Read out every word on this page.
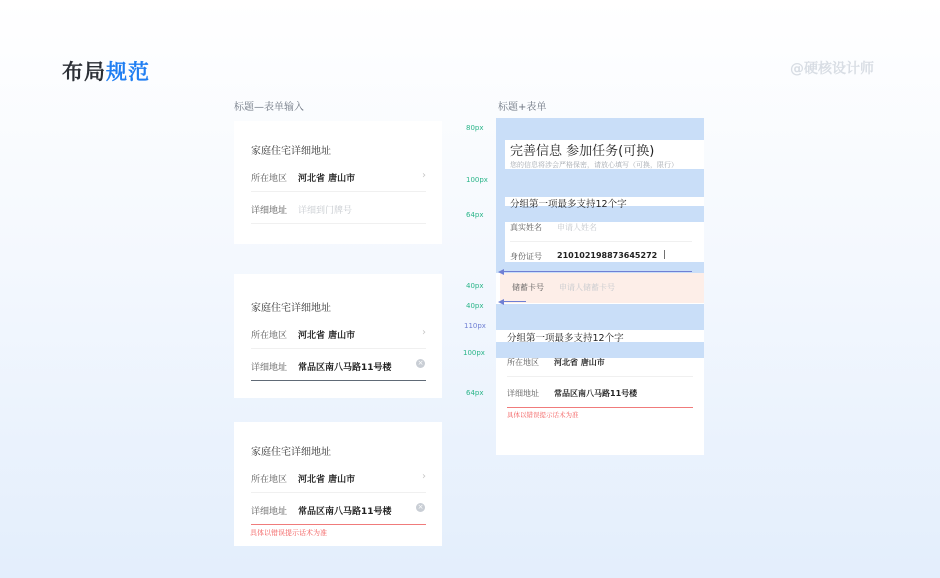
布局规范	@硬核设计师
标题—表单输入	标题+表单
家庭住宅详细地址
所在地区 河北省 唐山市	›
详细地址 详细到门牌号
家庭住宅详细地址
所在地区 河北省 唐山市	›
详细地址 常品区南八马路11号楼	×
家庭住宅详细地址
所在地区 河北省 唐山市	›
详细地址 常品区南八马路11号楼	×
具体以错误提示话术为准
80px
100px
64px
40px
40px
110px
100px
64px
完善信息 参加任务(可换)
您的信息将涉会严格保密，请放心填写（可换，限行）
分组第一项最多支持12个字
真实姓名 申请人姓名
身份证号 210102198873645272 |
储蓄卡号 申请人储蓄卡号
分组第一项最多支持12个字
所在地区 河北省 唐山市
详细地址 常品区南八马路11号楼
具体以错误提示话术为准
